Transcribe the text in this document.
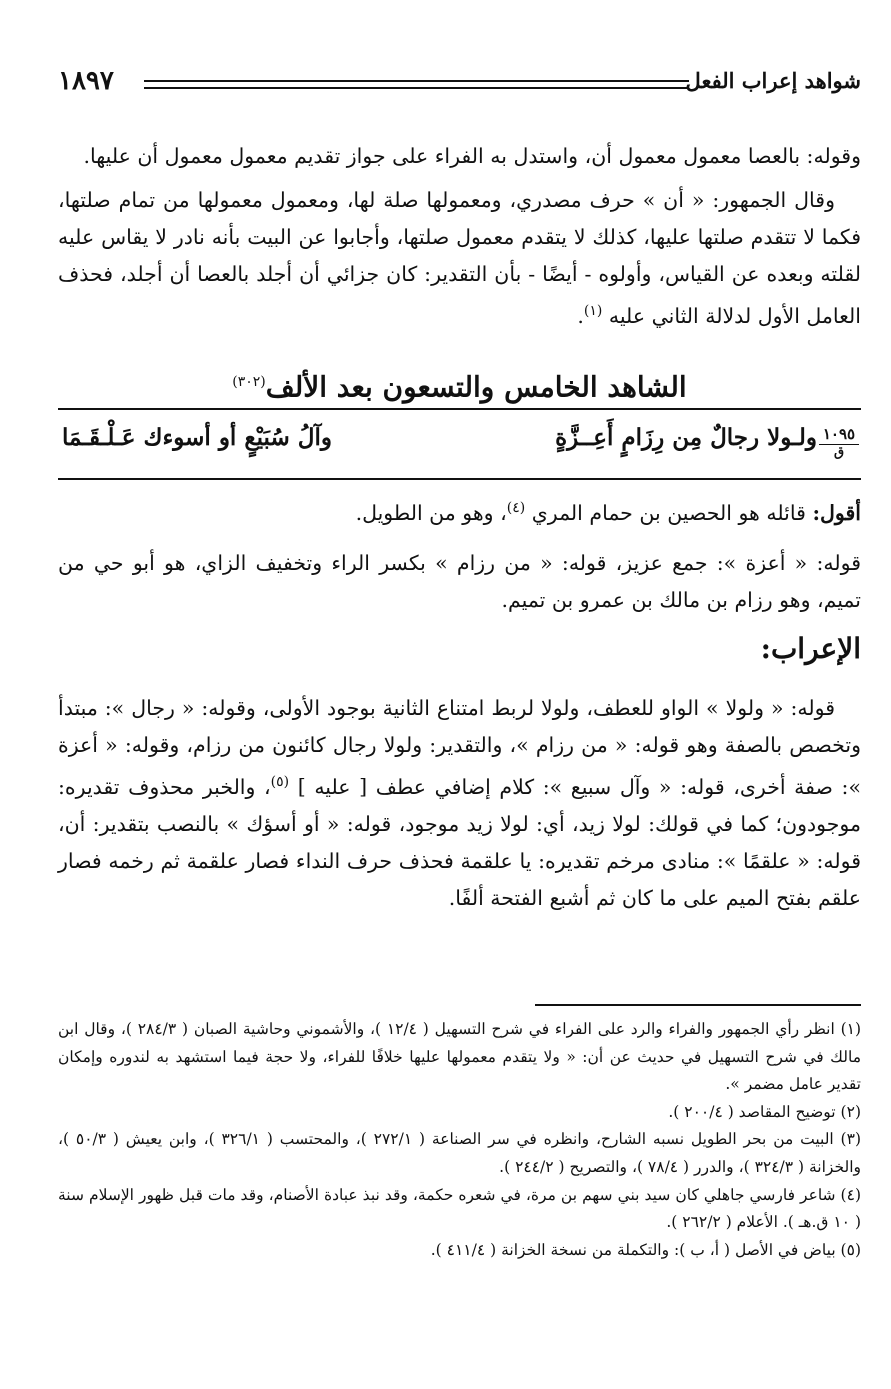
شواهد إعراب الفعل
١٨٩٧
وقوله: بالعصا معمول معمول أن، واستدل به الفراء على جواز تقديم معمول معمول أن عليها.
وقال الجمهور: « أن » حرف مصدري، ومعمولها صلة لها، ومعمول معمولها من تمام صلتها، فكما لا تتقدم صلتها عليها، كذلك لا يتقدم معمول صلتها، وأجابوا عن البيت بأنه نادر لا يقاس عليه لقلته وبعده عن القياس، وأولوه - أيضًا - بأن التقدير: كان جزائي أن أجلد بالعصا أن أجلد، فحذف العامل الأول لدلالة الثاني عليه $^{(١)}$.
الشاهد الخامس والتسعون بعد الألف$^{(٣٠٢)}$
١٠٩٥
ق
ولـولا رجالٌ مِن رِزَامٍ أَعِــزَّةٍ
وآلُ سُبَيْعٍ أو أسوءك عَـلْـقَـمَا
أقول: قائله هو الحصين بن حمام المري $^{(٤)}$، وهو من الطويل.
قوله: « أعزة »: جمع عزيز، قوله: « من رزام » بكسر الراء وتخفيف الزاي، هو أبو حي من تميم، وهو رزام بن مالك بن عمرو بن تميم.
الإعراب:
قوله: « ولولا » الواو للعطف، ولولا لربط امتناع الثانية بوجود الأولى، وقوله: « رجال »: مبتدأ وتخصص بالصفة وهو قوله: « من رزام »، والتقدير: ولولا رجال كائنون من رزام، وقوله: « أعزة »: صفة أخرى، قوله: « وآل سبيع »: كلام إضافي عطف [ عليه ] $^{(٥)}$، والخبر محذوف تقديره: موجودون؛ كما في قولك: لولا زيد، أي: لولا زيد موجود، قوله: « أو أسؤك » بالنصب بتقدير: أن، قوله: « علقمًا »: منادى مرخم تقديره: يا علقمة فحذف حرف النداء فصار علقمة ثم رخمه فصار علقم بفتح الميم على ما كان ثم أشبع الفتحة ألفًا.
(١) انظر رأي الجمهور والفراء والرد على الفراء في شرح التسهيل ( ١٢/٤ )، والأشموني وحاشية الصبان ( ٢٨٤/٣ )، وقال ابن مالك في شرح التسهيل في حديث عن أن: « ولا يتقدم معمولها عليها خلافًا للفراء، ولا حجة فيما استشهد به لندوره وإمكان تقدير عامل مضمر ».
(٢) توضيح المقاصد ( ٢٠٠/٤ ).
(٣) البيت من بحر الطويل نسبه الشارح، وانظره في سر الصناعة ( ٢٧٢/١ )، والمحتسب ( ٣٢٦/١ )، وابن يعيش ( ٥٠/٣ )، والخزانة ( ٣٢٤/٣ )، والدرر ( ٧٨/٤ )، والتصريح ( ٢٤٤/٢ ).
(٤) شاعر فارسي جاهلي كان سيد بني سهم بن مرة، في شعره حكمة، وقد نبذ عبادة الأصنام، وقد مات قبل ظهور الإسلام سنة ( ١٠ ق.هـ ). الأعلام ( ٢٦٢/٢ ).
(٥) بياض في الأصل ( أ، ب ): والتكملة من نسخة الخزانة ( ٤١١/٤ ).
